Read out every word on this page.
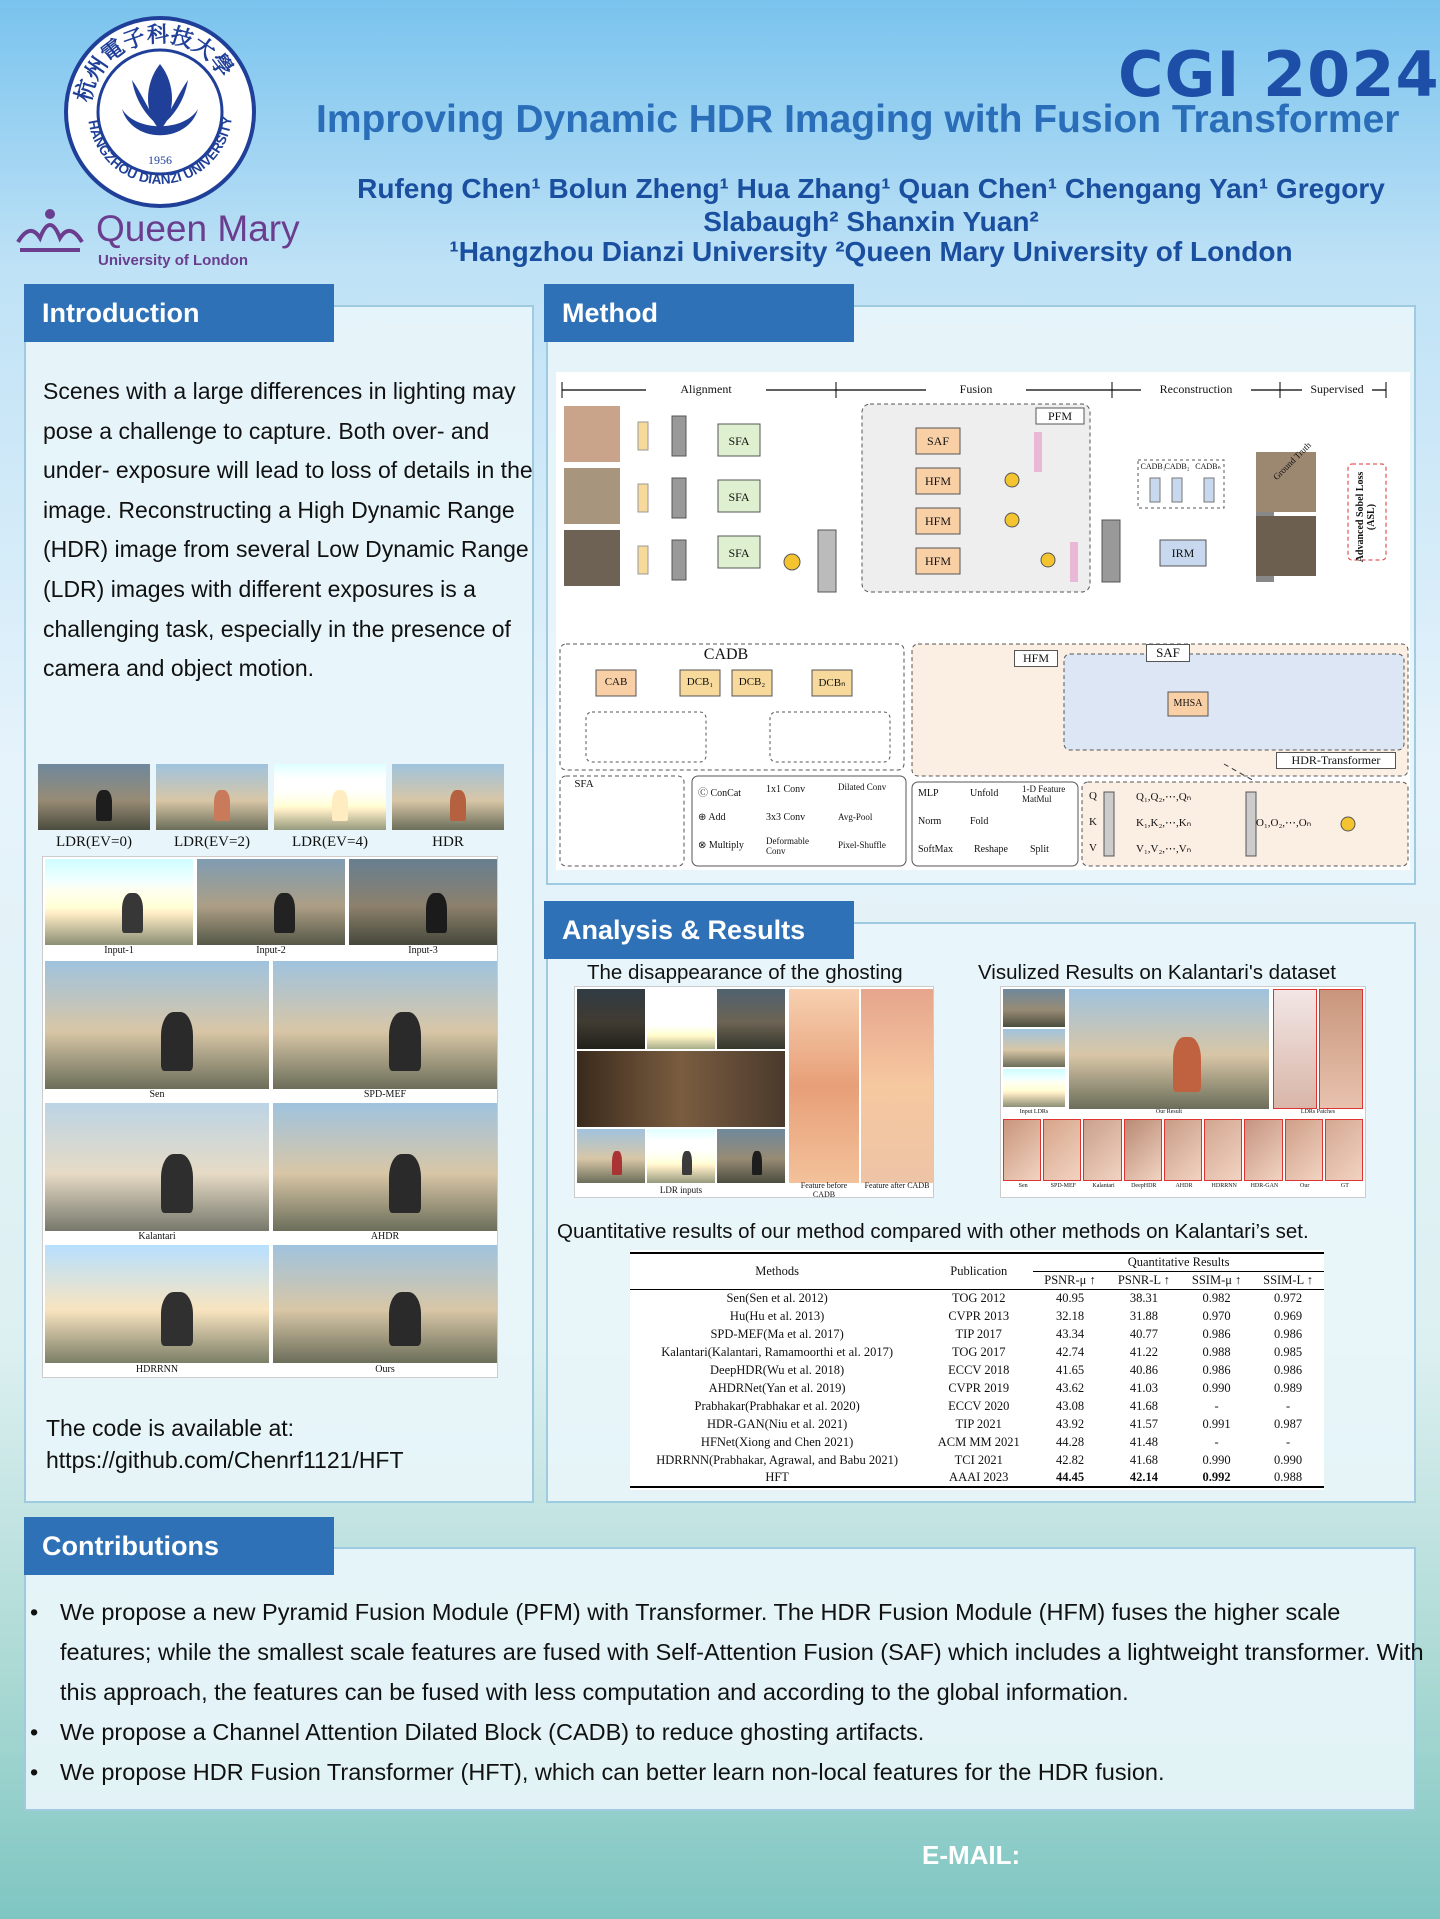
HANGZHOU DIANZI UNIVERSITY
杭州電子科技大學
1956
Queen Mary
University of London
CGI 2024
Improving Dynamic HDR Imaging with Fusion Transformer
Rufeng Chen¹ Bolun Zheng¹ Hua Zhang¹ Quan Chen¹ Chengang Yan¹ Gregory Slabaugh² Shanxin Yuan²
¹Hangzhou Dianzi University ²Queen Mary University of London
Introduction
Scenes with a large differences in lighting may pose a challenge to capture. Both over- and under- exposure will lead to loss of details in the image. Reconstructing a High Dynamic Range (HDR) image from several Low Dynamic Range (LDR) images with different exposures is a challenging task, especially in the presence of camera and object motion.
LDR(EV=0)	LDR(EV=2)	LDR(EV=4)	HDR
Input-1	Input-2	Input-3
Sen	SPD-MEF
Kalantari	AHDR
HDRRNN	Ours
The code is available at:
https://github.com/Chenrf1121/HFT
Method
Alignment	Fusion	Reconstruction	Supervised
SFA
SFA
SFA
PFM
SAF
HFM
HFM
HFM
CADB₁
CADB₂ CADBₙ
IRM
Ground Truth
Advanced Sobel Loss (ASL)
CADB
CAB	DCB₁	DCB₂	DCBₙ
HFM	SAF
MHSA
HDR-Transformer
SFA
Ⓒ ConCat
⊕ Add
⊗ Multiply
1x1 Conv
3x3 Conv
Deformable Conv
Dilated Conv
Avg-Pool
Pixel-Shuffle
MLP	Unfold	1-D Feature MatMul
Norm	Fold
SoftMax	Reshape	Split
Q
K
V
Q₁,Q₂,⋯,Qₙ
K₁,K₂,⋯,Kₙ
V₁,V₂,⋯,Vₙ
O₁,O₂,⋯,Oₙ
Analysis & Results
The disappearance of the ghosting	Visulized Results on Kalantari's dataset
LDR inputs	Feature before CADB
Feature after CADB
Input LDRs	Our Result	LDRs Patches
Sen	SPD-MEF	Kalantari	DeepHDR	AHDR	HDRRNN	HDR-GAN	Our	GT
Quantitative results of our method compared with other methods on Kalantari’s set.
Methods	Publication	Quantitative Results			
		PSNR-μ ↑	PSNR-L ↑	SSIM-μ ↑	SSIM-L ↑
Sen(Sen et al. 2012)	TOG 2012	40.95	38.31	0.982	0.972
Hu(Hu et al. 2013)	CVPR 2013	32.18	31.88	0.970	0.969
SPD-MEF(Ma et al. 2017)	TIP 2017	43.34	40.77	0.986	0.986
Kalantari(Kalantari, Ramamoorthi et al. 2017)	TOG 2017	42.74	41.22	0.988	0.985
DeepHDR(Wu et al. 2018)	ECCV 2018	41.65	40.86	0.986	0.986
AHDRNet(Yan et al. 2019)	CVPR 2019	43.62	41.03	0.990	0.989
Prabhakar(Prabhakar et al. 2020)	ECCV 2020	43.08	41.68	-	-
HDR-GAN(Niu et al. 2021)	TIP 2021	43.92	41.57	0.991	0.987
HFNet(Xiong and Chen 2021)	ACM MM 2021	44.28	41.48	-	-
HDRRNN(Prabhakar, Agrawal, and Babu 2021)	TCI 2021	42.82	41.68	0.990	0.990
HFT	AAAI 2023	44.45	42.14	0.992	0.988
Contributions
• We propose a new Pyramid Fusion Module (PFM) with Transformer. The HDR Fusion Module (HFM) fuses the higher scale features; while the smallest scale features are fused with Self-Attention Fusion (SAF) which includes a lightweight transformer. With this approach, the features can be fused with less computation and according to the global information.
• We propose a Channel Attention Dilated Block (CADB) to reduce ghosting artifacts.
• We propose HDR Fusion Transformer (HFT), which can better learn non-local features for the HDR fusion.
E-MAIL:
